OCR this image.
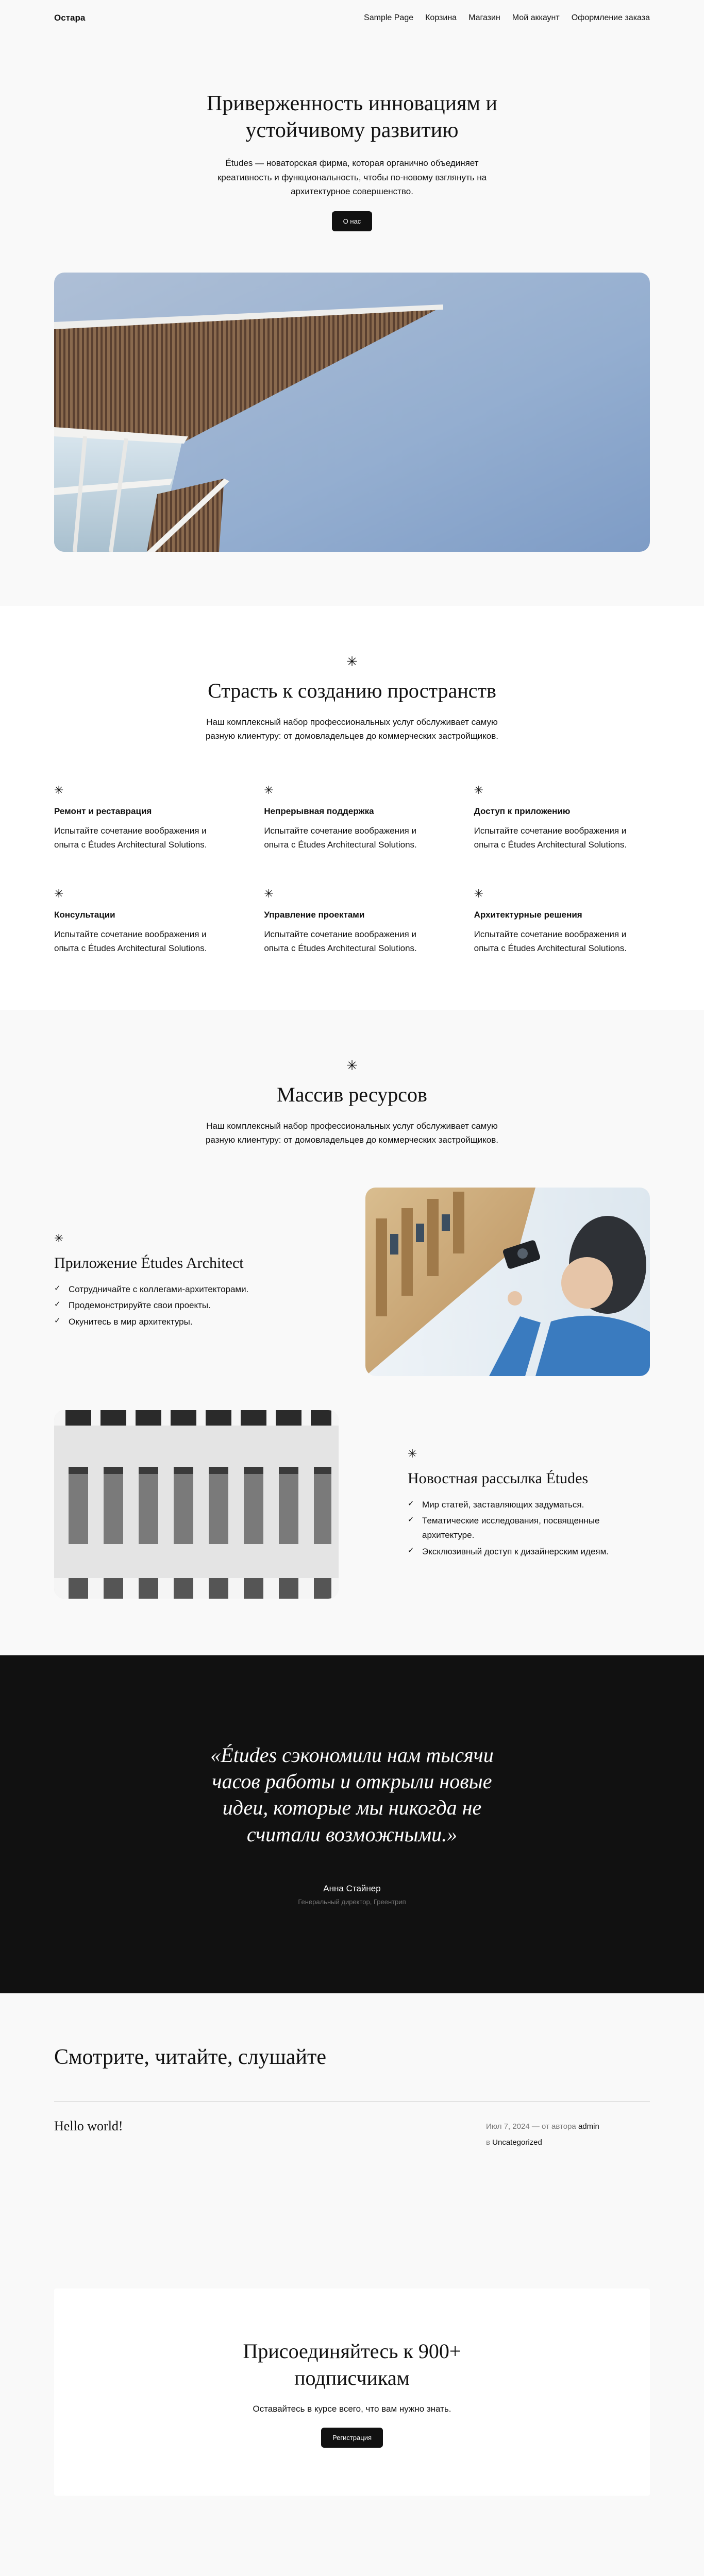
Остара	Sample Page Корзина Магазин Мой аккаунт Оформление заказа
Приверженность инновациям и устойчивому развитию

Études — новаторская фирма, которая органично объединяет креативность и функциональность, чтобы по-новому взглянуть на архитектурное совершенство.

О нас
✳
Страсть к созданию пространств

Наш комплексный набор профессиональных услуг обслуживает самую разную клиентуру: от домовладельцев до коммерческих застройщиков.

✳
Ремонт и реставрация

Испытайте сочетание воображения и опыта с Études Architectural Solutions.

✳
Непрерывная поддержка

Испытайте сочетание воображения и опыта с Études Architectural Solutions.

✳
Доступ к приложению

Испытайте сочетание воображения и опыта с Études Architectural Solutions.

✳
Консультации

Испытайте сочетание воображения и опыта с Études Architectural Solutions.

✳
Управление проектами

Испытайте сочетание воображения и опыта с Études Architectural Solutions.

✳
Архитектурные решения

Испытайте сочетание воображения и опыта с Études Architectural Solutions.

✳
Массив ресурсов

Наш комплексный набор профессиональных услуг обслуживает самую разную клиентуру: от домовладельцев до коммерческих застройщиков.

✳
Приложение Études Architect
✓ Сотрудничайте с коллегами-архитекторами.
✓ Продемонстрируйте свои проекты.
✓ Окунитесь в мир архитектуры.
✳
Новостная рассылка Études
✓ Мир статей, заставляющих задуматься.
✓ Тематические исследования, посвященные архитектуре.
✓ Эксклюзивный доступ к дизайнерским идеям.
«Études сэкономили нам тысячи часов работы и открыли новые идеи, которые мы никогда не считали возможными.»
Анна Стайнер
Генеральный директор, Греентрип
Смотрите, читайте, слушайте
Hello world!	Июл 7, 2024 — от автора admin
в Uncategorized
Присоединяйтесь к 900+ подписчикам

Оставайтесь в курсе всего, что вам нужно знать.

Регистрация
